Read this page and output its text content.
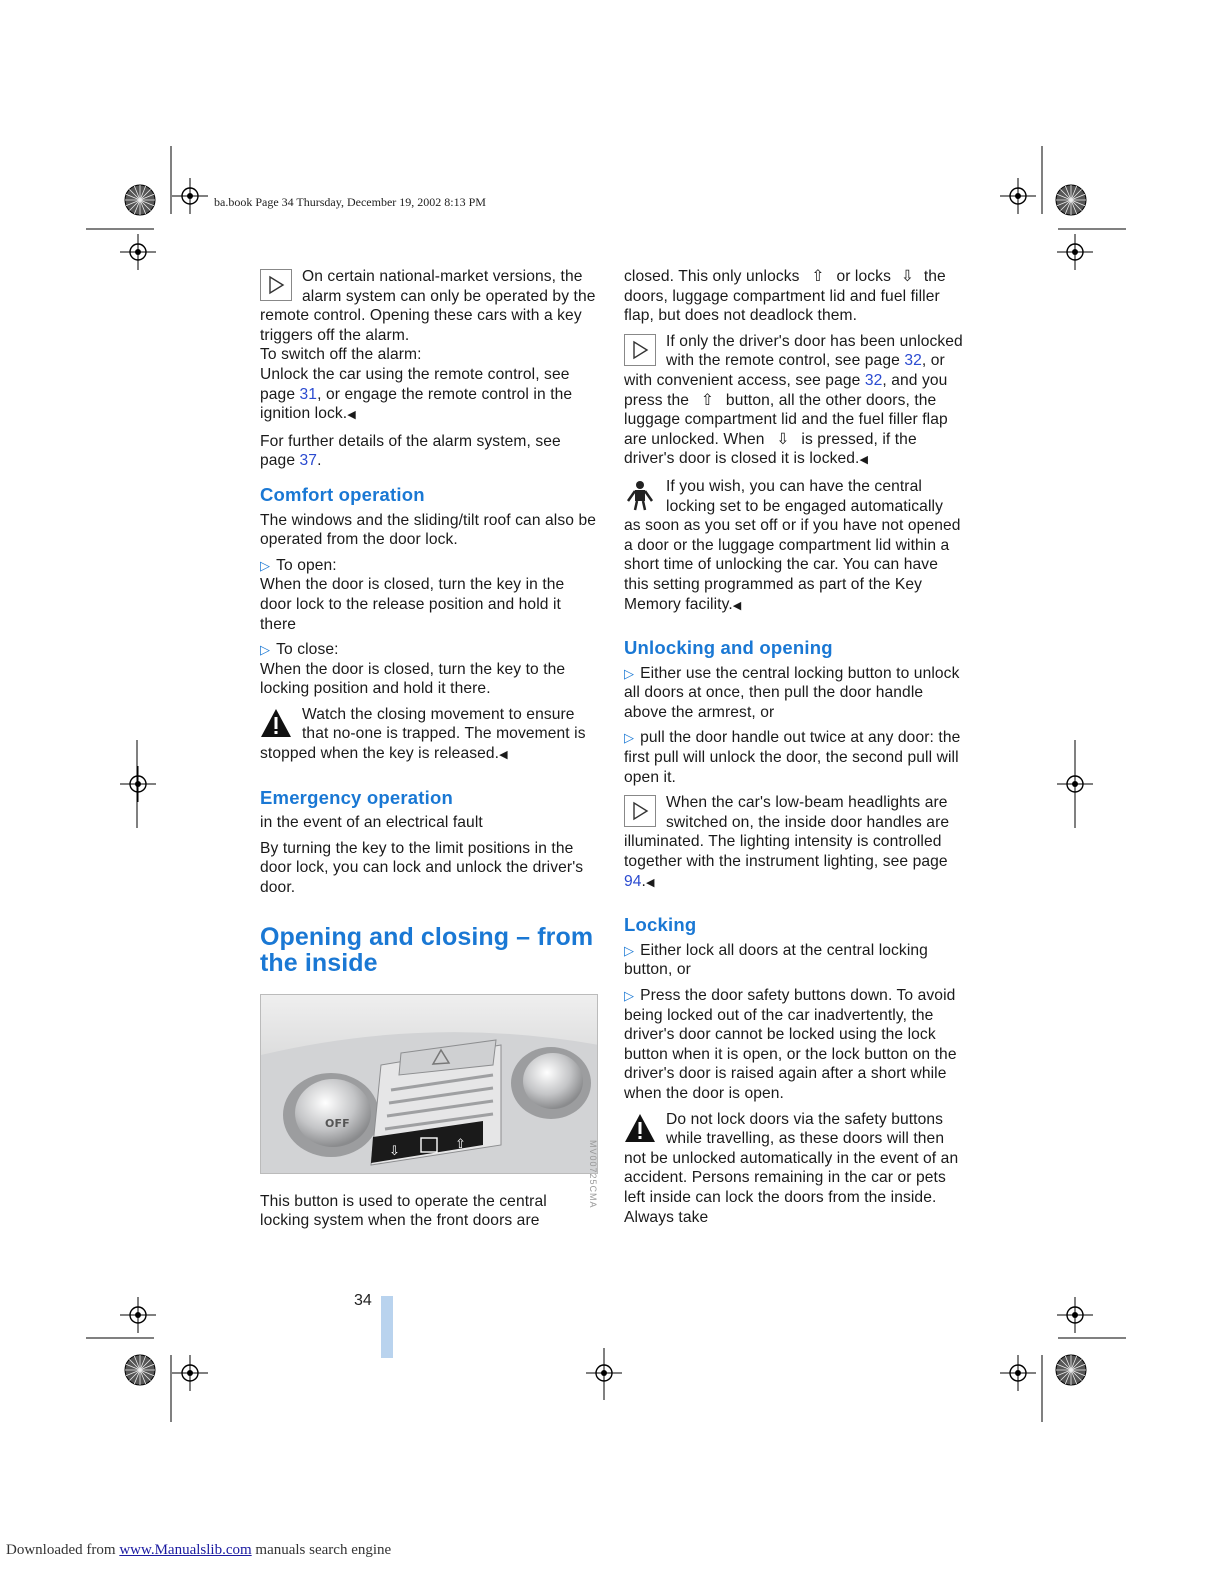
ba.book Page 34 Thursday, December 19, 2002 8:13 PM
On certain national-market versions, the alarm system can only be operated by the remote control. Opening these cars with a key triggers off the alarm.
To switch off the alarm:
Unlock the car using the remote control, see page 31, or engage the remote control in the ignition lock.◀

For further details of the alarm system, see page 37.

Comfort operation

The windows and the sliding/tilt roof can also be operated from the door lock.

▷ To open:
When the door is closed, turn the key in the door lock to the release position and hold it there

▷ To close:
When the door is closed, turn the key to the locking position and hold it there.

Watch the closing movement to ensure that no-one is trapped. The movement is stopped when the key is released.◀
Emergency operation

in the event of an electrical fault

By turning the key to the limit positions in the door lock, you can lock and unlock the driver's door.

Opening and closing – from the inside
⇩	⇧
OFF

This button is used to operate the central locking system when the front doors are

MV00725CMA

closed. This only unlocks ⇧ or locks ⇩ the doors, luggage compartment lid and fuel filler flap, but does not deadlock them.

If only the driver's door has been unlocked with the remote control, see page 32, or with convenient access, see page 32, and you press the ⇧ button, all the other doors, the luggage compartment lid and the fuel filler flap are unlocked. When ⇩ is pressed, if the driver's door is closed it is locked.◀
If you wish, you can have the central locking set to be engaged automatically as soon as you set off or if you have not opened a door or the luggage compartment lid within a short time of unlocking the car. You can have this setting programmed as part of the Key Memory facility.◀
Unlocking and opening

▷ Either use the central locking button to unlock all doors at once, then pull the door handle above the armrest, or

▷ pull the door handle out twice at any door: the first pull will unlock the door, the second pull will open it.

When the car's low-beam headlights are switched on, the inside door handles are illuminated. The lighting intensity is controlled together with the instrument lighting, see page 94.◀
Locking

▷ Either lock all doors at the central locking button, or

▷ Press the door safety buttons down. To avoid being locked out of the car inadvertently, the driver's door cannot be locked using the lock button when it is open, or the lock button on the driver's door is raised again after a short while when the door is open.

Do not lock doors via the safety buttons while travelling, as these doors will then not be unlocked automatically in the event of an accident. Persons remaining in the car or pets left inside can lock the doors from the inside. Always take
34
Downloaded from www.Manualslib.com manuals search engine
